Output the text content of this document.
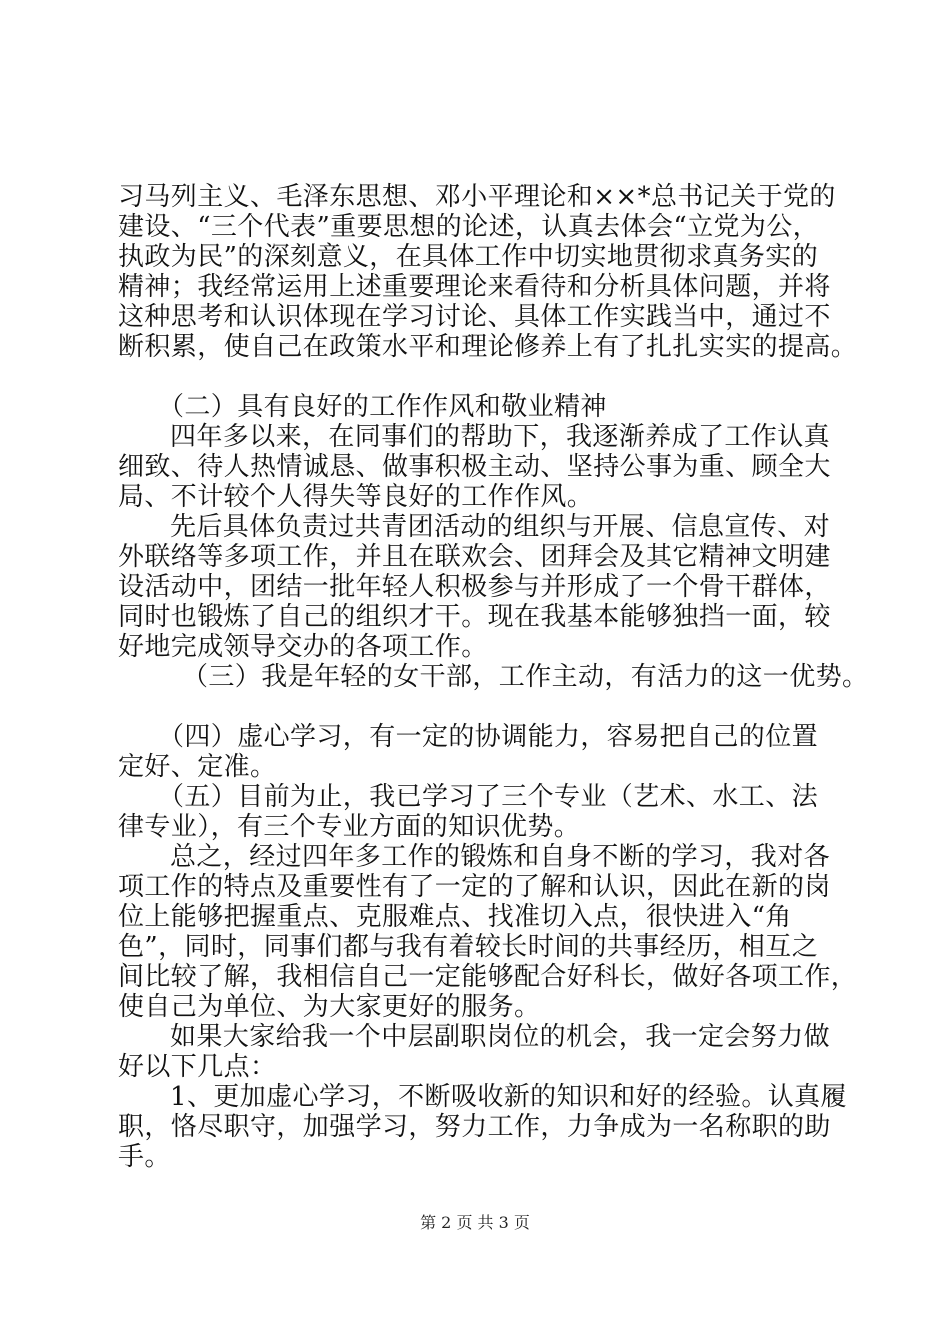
习马列主义、毛泽东思想、邓小平理论和××*总书记关于党的
建设、“三个代表”重要思想的论述，认真去体会“立党为公，
执政为民”的深刻意义，在具体工作中切实地贯彻求真务实的
精神；我经常运用上述重要理论来看待和分析具体问题，并将
这种思考和认识体现在学习讨论、具体工作实践当中，通过不
断积累，使自己在政策水平和理论修养上有了扎扎实实的提高。
（二）具有良好的工作作风和敬业精神
四年多以来，在同事们的帮助下，我逐渐养成了工作认真
细致、待人热情诚恳、做事积极主动、坚持公事为重、顾全大
局、不计较个人得失等良好的工作作风。
先后具体负责过共青团活动的组织与开展、信息宣传、对
外联络等多项工作，并且在联欢会、团拜会及其它精神文明建
设活动中，团结一批年轻人积极参与并形成了一个骨干群体，
同时也锻炼了自己的组织才干。现在我基本能够独挡一面，较
好地完成领导交办的各项工作。
（三）我是年轻的女干部，工作主动，有活力的这一优势。
（四）虚心学习，有一定的协调能力，容易把自己的位置
定好、定准。
（五）目前为止，我已学习了三个专业（艺术、水工、法
律专业），有三个专业方面的知识优势。
总之，经过四年多工作的锻炼和自身不断的学习，我对各
项工作的特点及重要性有了一定的了解和认识，因此在新的岗
位上能够把握重点、克服难点、找准切入点，很快进入“角
色”，同时，同事们都与我有着较长时间的共事经历，相互之
间比较了解，我相信自己一定能够配合好科长，做好各项工作，
使自己为单位、为大家更好的服务。
如果大家给我一个中层副职岗位的机会，我一定会努力做
好以下几点：
1、更加虚心学习，不断吸收新的知识和好的经验。认真履
职，恪尽职守，加强学习，努力工作，力争成为一名称职的助
手。
第 2 页 共 3 页
